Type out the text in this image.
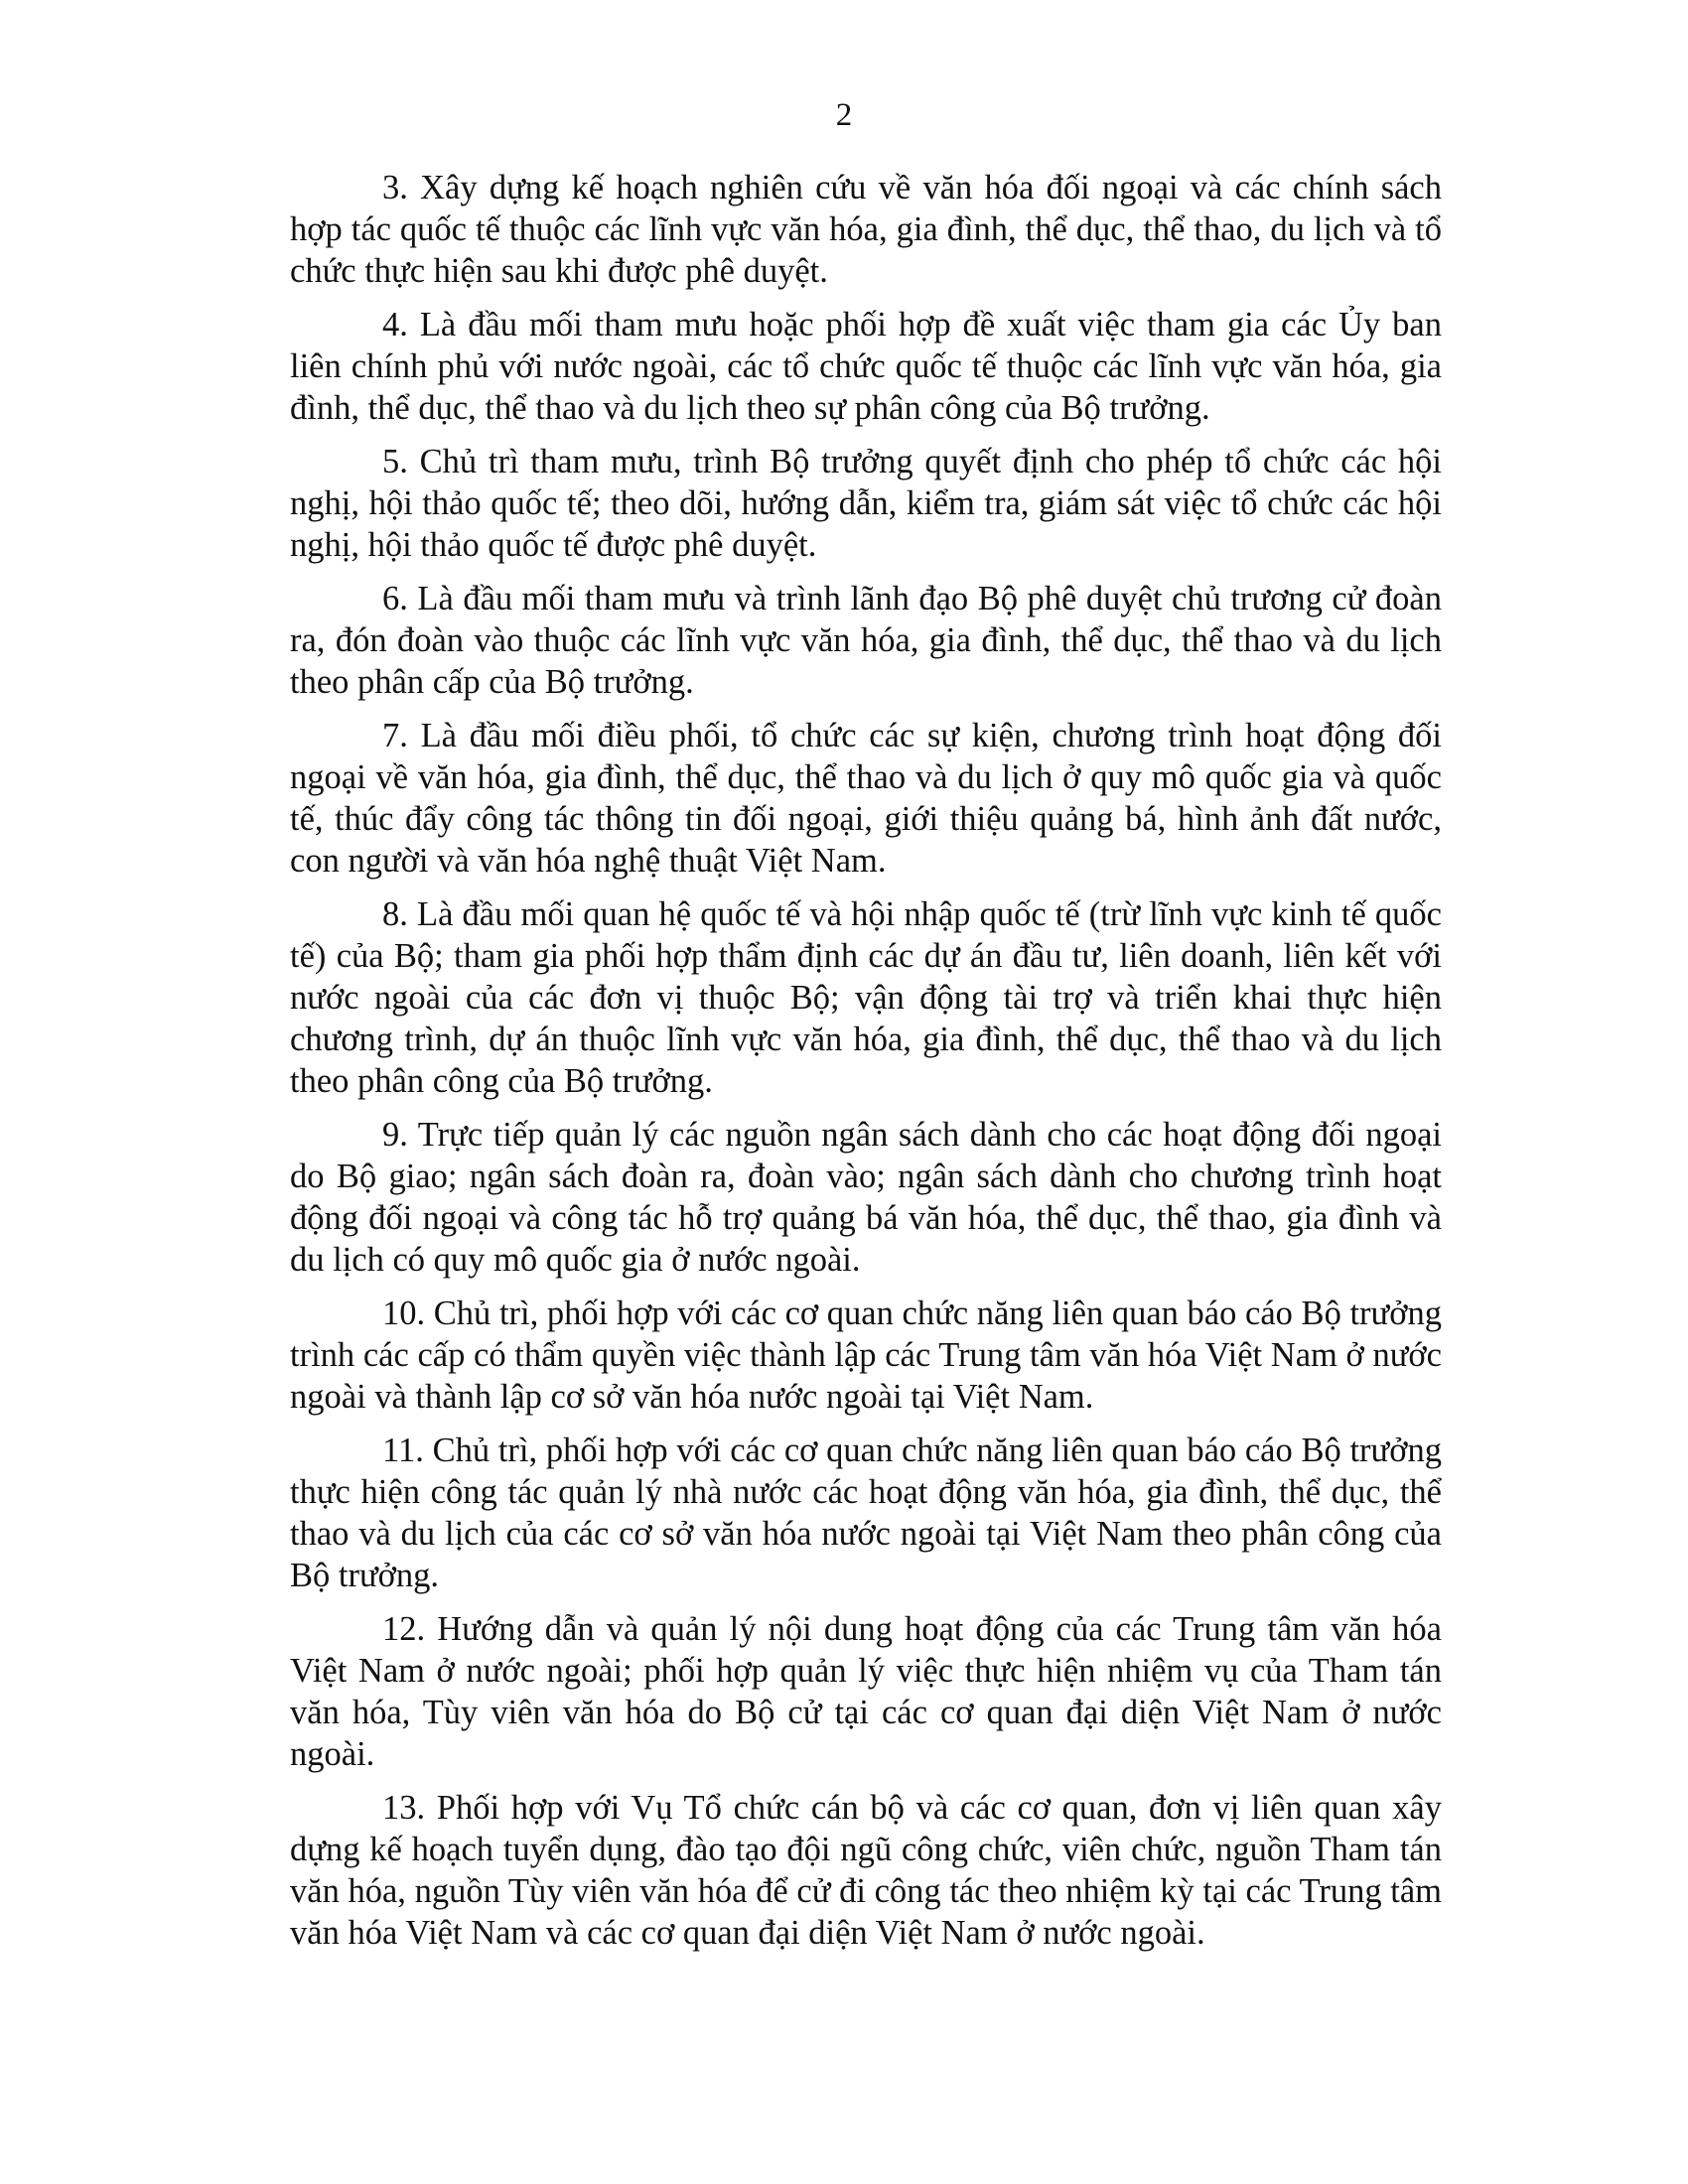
2

3. Xây dựng kế hoạch nghiên cứu về văn hóa đối ngoại và các chính sách hợp tác quốc tế thuộc các lĩnh vực văn hóa, gia đình, thể dục, thể thao, du lịch và tổ chức thực hiện sau khi được phê duyệt.

4. Là đầu mối tham mưu hoặc phối hợp đề xuất việc tham gia các Ủy ban liên chính phủ với nước ngoài, các tổ chức quốc tế thuộc các lĩnh vực văn hóa, gia đình, thể dục, thể thao và du lịch theo sự phân công của Bộ trưởng.

5. Chủ trì tham mưu, trình Bộ trưởng quyết định cho phép tổ chức các hội nghị, hội thảo quốc tế; theo dõi, hướng dẫn, kiểm tra, giám sát việc tổ chức các hội nghị, hội thảo quốc tế được phê duyệt.

6. Là đầu mối tham mưu và trình lãnh đạo Bộ phê duyệt chủ trương cử đoàn ra, đón đoàn vào thuộc các lĩnh vực văn hóa, gia đình, thể dục, thể thao và du lịch theo phân cấp của Bộ trưởng.

7. Là đầu mối điều phối, tổ chức các sự kiện, chương trình hoạt động đối ngoại về văn hóa, gia đình, thể dục, thể thao và du lịch ở quy mô quốc gia và quốc tế, thúc đẩy công tác thông tin đối ngoại, giới thiệu quảng bá, hình ảnh đất nước, con người và văn hóa nghệ thuật Việt Nam.

8. Là đầu mối quan hệ quốc tế và hội nhập quốc tế (trừ lĩnh vực kinh tế quốc tế) của Bộ; tham gia phối hợp thẩm định các dự án đầu tư, liên doanh, liên kết với nước ngoài của các đơn vị thuộc Bộ; vận động tài trợ và triển khai thực hiện chương trình, dự án thuộc lĩnh vực văn hóa, gia đình, thể dục, thể thao và du lịch theo phân công của Bộ trưởng.

9. Trực tiếp quản lý các nguồn ngân sách dành cho các hoạt động đối ngoại do Bộ giao; ngân sách đoàn ra, đoàn vào; ngân sách dành cho chương trình hoạt động đối ngoại và công tác hỗ trợ quảng bá văn hóa, thể dục, thể thao, gia đình và du lịch có quy mô quốc gia ở nước ngoài.

10. Chủ trì, phối hợp với các cơ quan chức năng liên quan báo cáo Bộ trưởng trình các cấp có thẩm quyền việc thành lập các Trung tâm văn hóa Việt Nam ở nước ngoài và thành lập cơ sở văn hóa nước ngoài tại Việt Nam.

11. Chủ trì, phối hợp với các cơ quan chức năng liên quan báo cáo Bộ trưởng thực hiện công tác quản lý nhà nước các hoạt động văn hóa, gia đình, thể dục, thể thao và du lịch của các cơ sở văn hóa nước ngoài tại Việt Nam theo phân công của Bộ trưởng.

12. Hướng dẫn và quản lý nội dung hoạt động của các Trung tâm văn hóa Việt Nam ở nước ngoài; phối hợp quản lý việc thực hiện nhiệm vụ của Tham tán văn hóa, Tùy viên văn hóa do Bộ cử tại các cơ quan đại diện Việt Nam ở nước ngoài.

13. Phối hợp với Vụ Tổ chức cán bộ và các cơ quan, đơn vị liên quan xây dựng kế hoạch tuyển dụng, đào tạo đội ngũ công chức, viên chức, nguồn Tham tán văn hóa, nguồn Tùy viên văn hóa để cử đi công tác theo nhiệm kỳ tại các Trung tâm văn hóa Việt Nam và các cơ quan đại diện Việt Nam ở nước ngoài.
